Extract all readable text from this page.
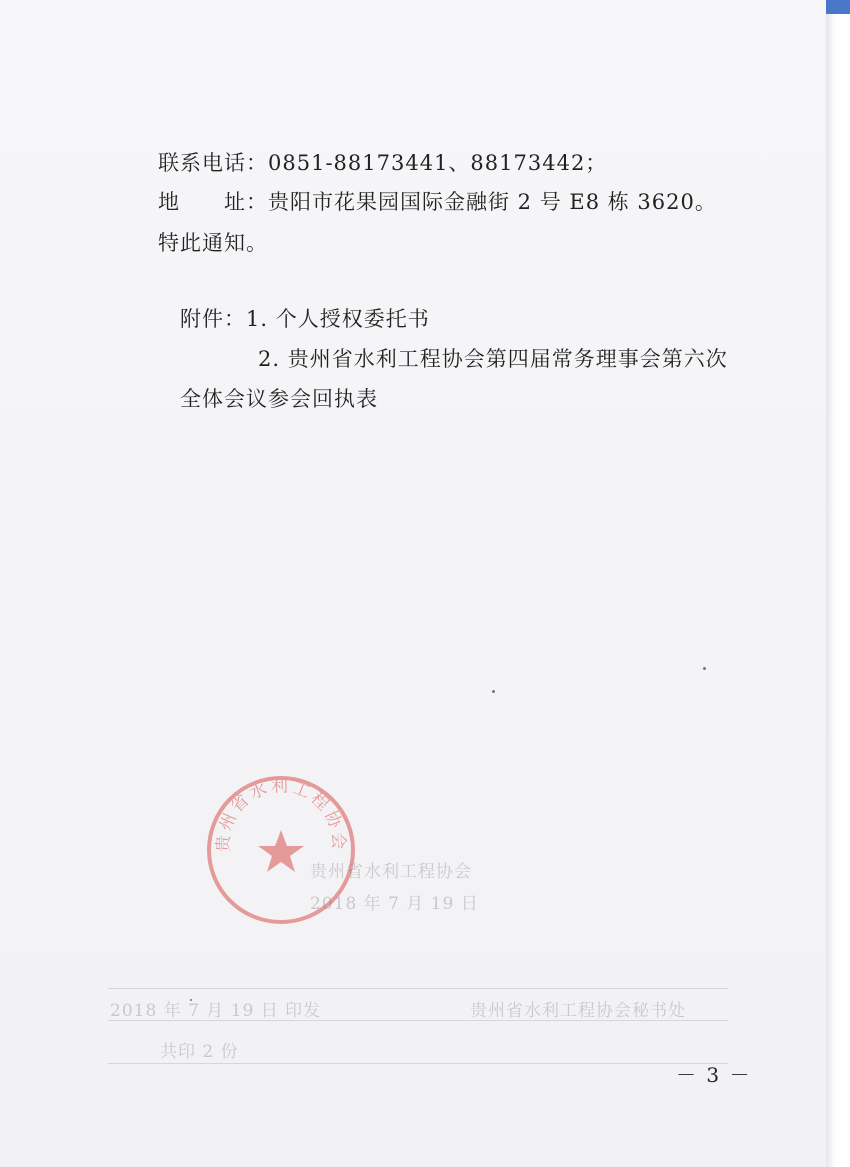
联系电话：0851-88173441、88173442；
地　　址：贵阳市花果园国际金融街 2 号 E8 栋 3620。
特此通知。
附件：1. 个人授权委托书
2. 贵州省水利工程协会第四届常务理事会第六次
全体会议参会回执表
贵州省水利工程协会
贵州省水利工程协会
2018 年 7 月 19 日
2018 年 7 月 19 日 印发	贵州省水利工程协会秘书处
共印 2 份
－ 3 －
